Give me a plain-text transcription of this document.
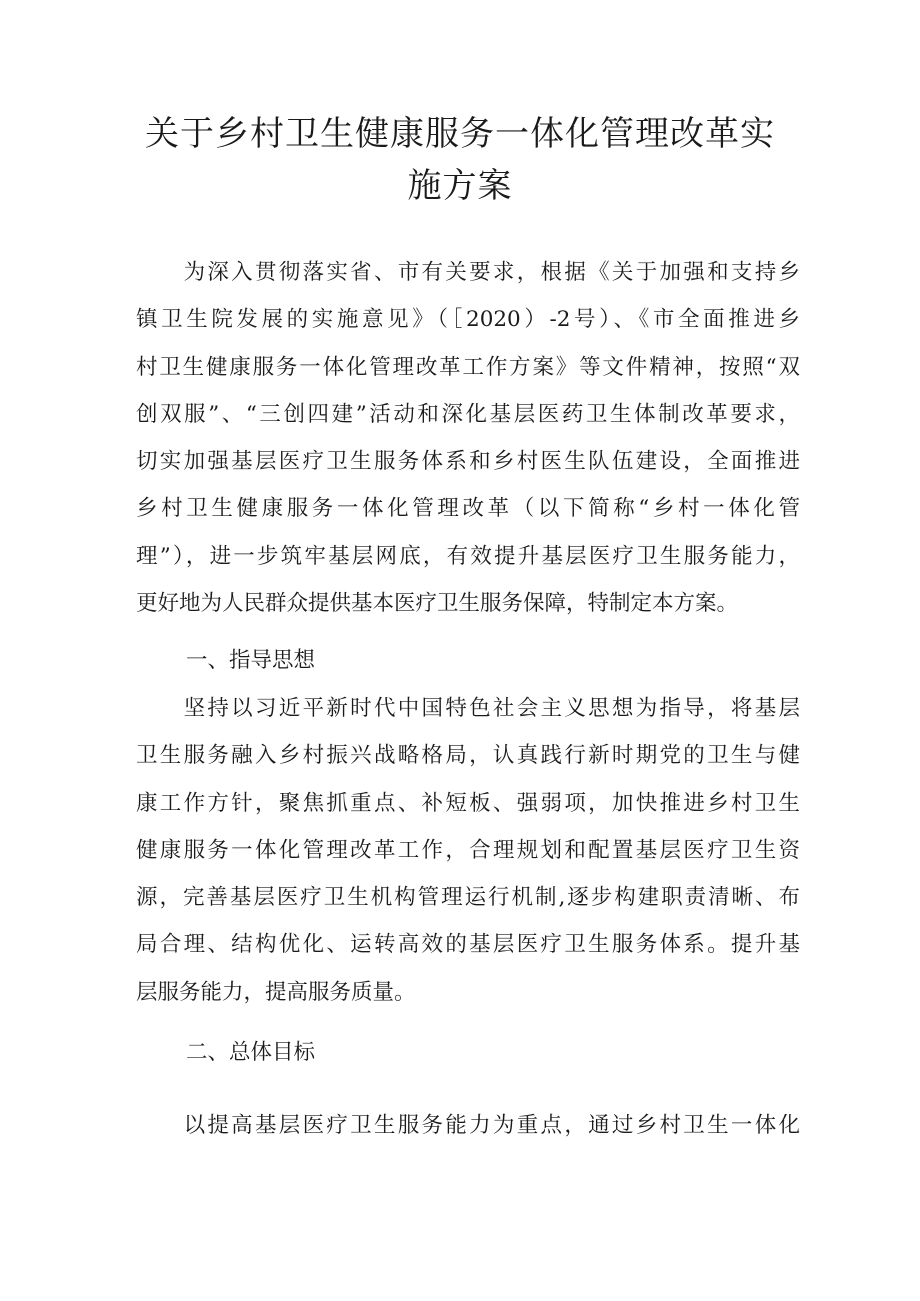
关于乡村卫生健康服务一体化管理改革实
施方案

　　为深入贯彻落实省、市有关要求，根据《关于加强和支持乡
镇卫生院发展的实施意见》（［2020）-2号）、《市全面推进乡
村卫生健康服务一体化管理改革工作方案》等文件精神，按照“双
创双服”、“三创四建”活动和深化基层医药卫生体制改革要求，
切实加强基层医疗卫生服务体系和乡村医生队伍建设，全面推进
乡村卫生健康服务一体化管理改革（以下简称“乡村一体化管
理”），进一步筑牢基层网底，有效提升基层医疗卫生服务能力，
更好地为人民群众提供基本医疗卫生服务保障，特制定本方案。

一、指导思想

　　坚持以习近平新时代中国特色社会主义思想为指导，将基层
卫生服务融入乡村振兴战略格局，认真践行新时期党的卫生与健
康工作方针，聚焦抓重点、补短板、强弱项，加快推进乡村卫生
健康服务一体化管理改革工作，合理规划和配置基层医疗卫生资
源，完善基层医疗卫生机构管理运行机制,逐步构建职责清晰、布
局合理、结构优化、运转高效的基层医疗卫生服务体系。提升基
层服务能力，提高服务质量。

二、总体目标

　　以提高基层医疗卫生服务能力为重点，通过乡村卫生一体化
